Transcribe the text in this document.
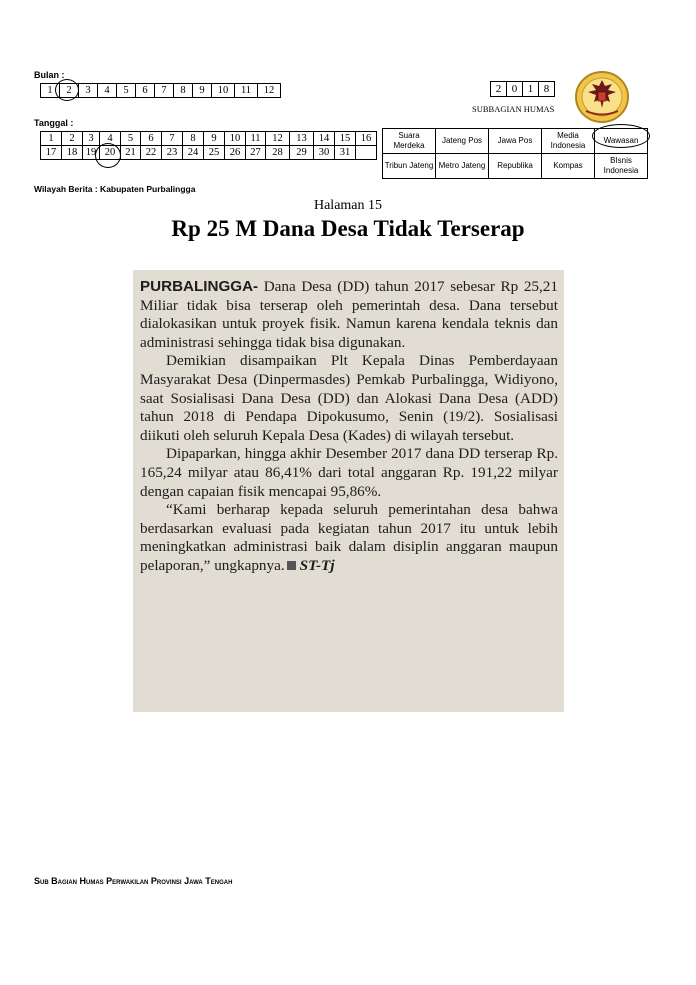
Bulan :
1	2	3	4	5	6	7	8	9	10	11	12
Tanggal :
1	2	3	4	5	6	7	8	9	10	11	12	13	14	15	16
17	18	19	20	21	22	23	24	25	26	27	28	29	30	31	
2	0	1	8
SUBBAGIAN HUMAS
Suara Merdeka	Jateng Pos	Jawa Pos	Media Indonesia	Wawasan
Tribun Jateng	Metro Jateng	Republika	Kompas	BIsnis Indonesia
Wilayah Berita : Kabupaten Purbalingga
Halaman 15
Rp 25 M Dana Desa Tidak Terserap

PURBALINGGA- Dana Desa (DD) tahun 2017 sebesar Rp 25,21 Miliar tidak bisa terserap oleh pemerintah desa. Dana tersebut dialokasikan untuk proyek fisik. Namun karena kendala teknis dan administrasi sehingga tidak bisa digunakan.

Demikian disampaikan Plt Kepala Dinas Pemberdayaan Masyarakat Desa (Dinpermasdes) Pemkab Purbalingga, Widiyono, saat Sosialisasi Dana Desa (DD) dan Alokasi Dana Desa (ADD) tahun 2018 di Pendapa Dipokusumo, Senin (19/2). Sosialisasi diikuti oleh seluruh Kepala Desa (Kades) di wilayah tersebut.

Dipaparkan, hingga akhir Desember 2017 dana DD terserap Rp. 165,24 milyar atau 86,41% dari total anggaran Rp. 191,22 milyar dengan capaian fisik mencapai 95,86%.

“Kami berharap kepada seluruh pemerintahan desa bahwa berdasarkan evaluasi pada kegiatan tahun 2017 itu untuk lebih meningkatkan administrasi baik dalam disiplin anggaran maupun pelaporan,” ungkapnya. ST-Tj

Sub Bagian Humas Perwakilan Provinsi Jawa Tengah
